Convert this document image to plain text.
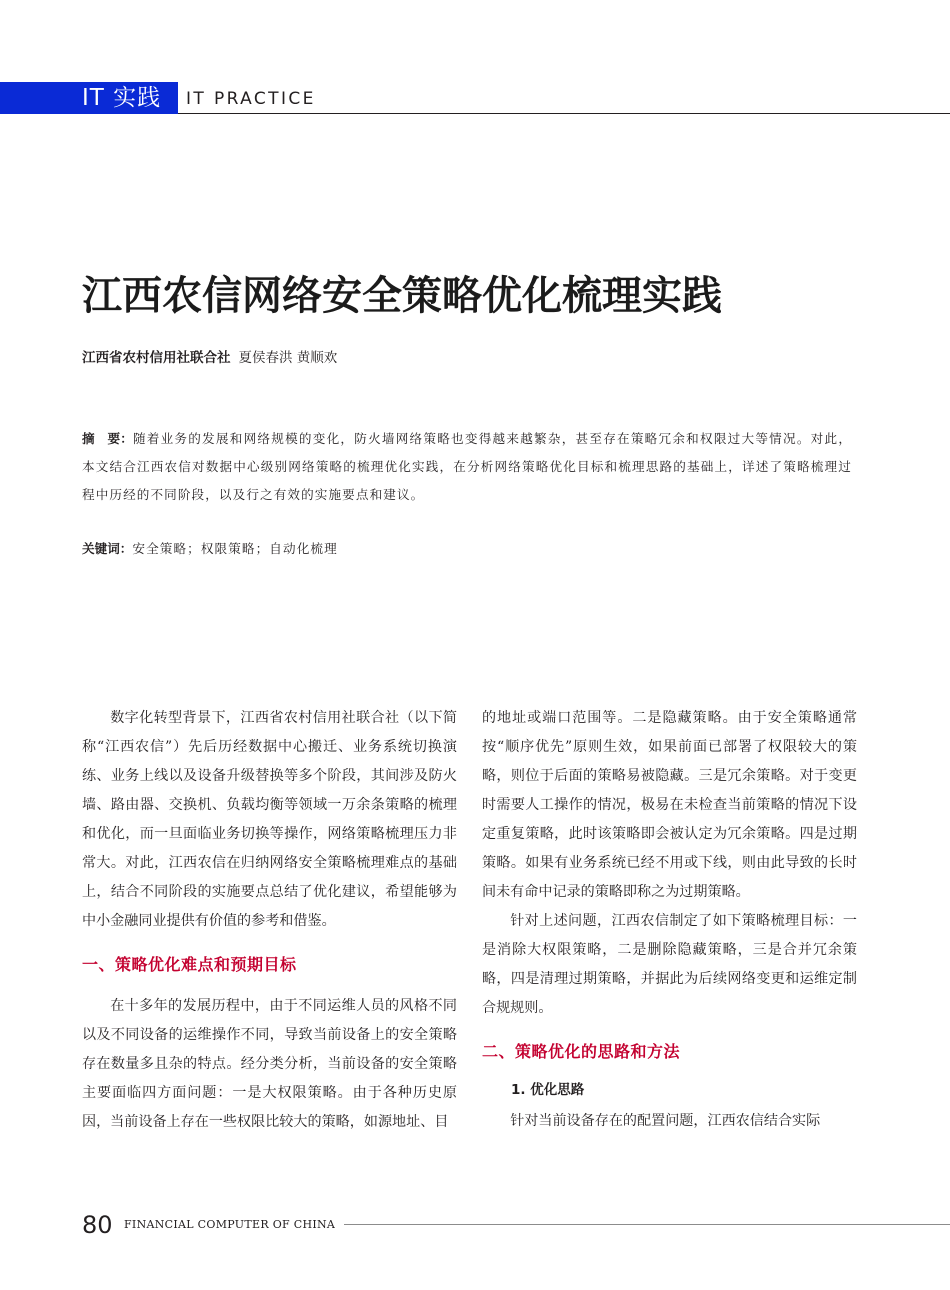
IT 实践	IT PRACTICE
江西农信网络安全策略优化梳理实践
江西省农村信用社联合社 夏侯春洪 黄顺欢
摘　要：随着业务的发展和网络规模的变化，防火墙网络策略也变得越来越繁杂，甚至存在策略冗余和权限过大等情况。对此，本文结合江西农信对数据中心级别网络策略的梳理优化实践，在分析网络策略优化目标和梳理思路的基础上，详述了策略梳理过程中历经的不同阶段，以及行之有效的实施要点和建议。
关键词：安全策略；权限策略；自动化梳理

数字化转型背景下，江西省农村信用社联合社（以下简称“江西农信”）先后历经数据中心搬迁、业务系统切换演练、业务上线以及设备升级替换等多个阶段，其间涉及防火墙、路由器、交换机、负载均衡等领域一万余条策略的梳理和优化，而一旦面临业务切换等操作，网络策略梳理压力非常大。对此，江西农信在归纳网络安全策略梳理难点的基础上，结合不同阶段的实施要点总结了优化建议，希望能够为中小金融同业提供有价值的参考和借鉴。

一、策略优化难点和预期目标

在十多年的发展历程中，由于不同运维人员的风格不同以及不同设备的运维操作不同，导致当前设备上的安全策略存在数量多且杂的特点。经分类分析，当前设备的安全策略主要面临四方面问题：一是大权限策略。由于各种历史原因，当前设备上存在一些权限比较大的策略，如源地址、目

的地址或端口范围等。二是隐藏策略。由于安全策略通常按“顺序优先”原则生效，如果前面已部署了权限较大的策略，则位于后面的策略易被隐藏。三是冗余策略。对于变更时需要人工操作的情况，极易在未检查当前策略的情况下设定重复策略，此时该策略即会被认定为冗余策略。四是过期策略。如果有业务系统已经不用或下线，则由此导致的长时间未有命中记录的策略即称之为过期策略。

针对上述问题，江西农信制定了如下策略梳理目标：一是消除大权限策略，二是删除隐藏策略，三是合并冗余策略，四是清理过期策略，并据此为后续网络变更和运维定制合规规则。

二、策略优化的思路和方法
1. 优化思路

针对当前设备存在的配置问题，江西农信结合实际

80 FINANCIAL COMPUTER OF CHINA
